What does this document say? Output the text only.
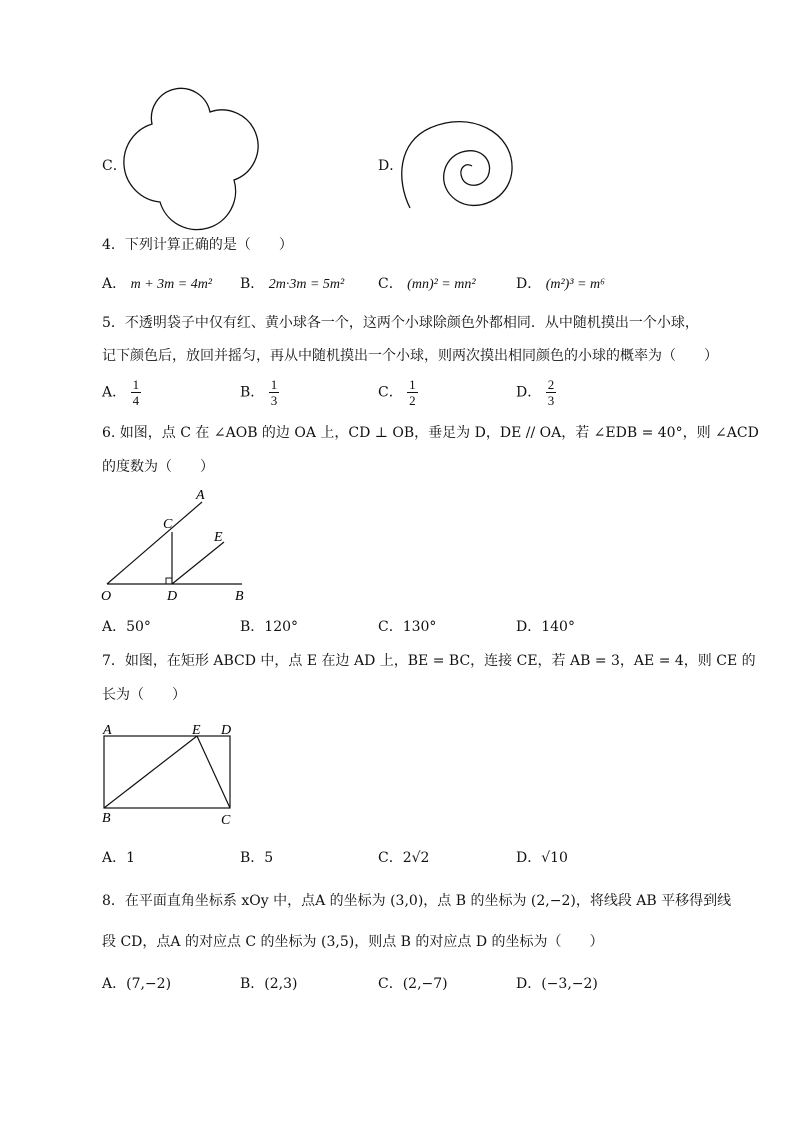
C．	D．
4．下列计算正确的是（　　）
A． m + 3m = 4m² B． 2m·3m = 5m² C． (mn)² = mn²	D． (m²)³ = m⁶
5．不透明袋子中仅有红、黄小球各一个，这两个小球除颜色外都相同．从中随机摸出一个小球，
记下颜色后，放回并摇匀，再从中随机摸出一个小球，则两次摸出相同颜色的小球的概率为（　　）
A． $\frac{1}{4}$	B． $\frac{1}{3}$	C． $\frac{1}{2}$	D． $\frac{2}{3}$
6. 如图，点 C 在 ∠AOB 的边 OA 上，CD ⊥ OB，垂足为 D，DE // OA，若 ∠EDB = 40°，则 ∠ACD
的度数为（　　）
A
C
E
O	D	B
A．50°	B．120°	C．130°	D．140°
7．如图，在矩形 ABCD 中，点 E 在边 AD 上，BE = BC，连接 CE，若 AB = 3，AE = 4，则 CE 的
长为（　　）
A	E D
B	C
A．1	B．5	C．2√2	D．√10
8．在平面直角坐标系 xOy 中，点A 的坐标为 (3,0)，点 B 的坐标为 (2,−2)，将线段 AB 平移得到线
段 CD，点A 的对应点 C 的坐标为 (3,5)，则点 B 的对应点 D 的坐标为（　　）
A．(7,−2)	B．(2,3)	C．(2,−7)	D．(−3,−2)
